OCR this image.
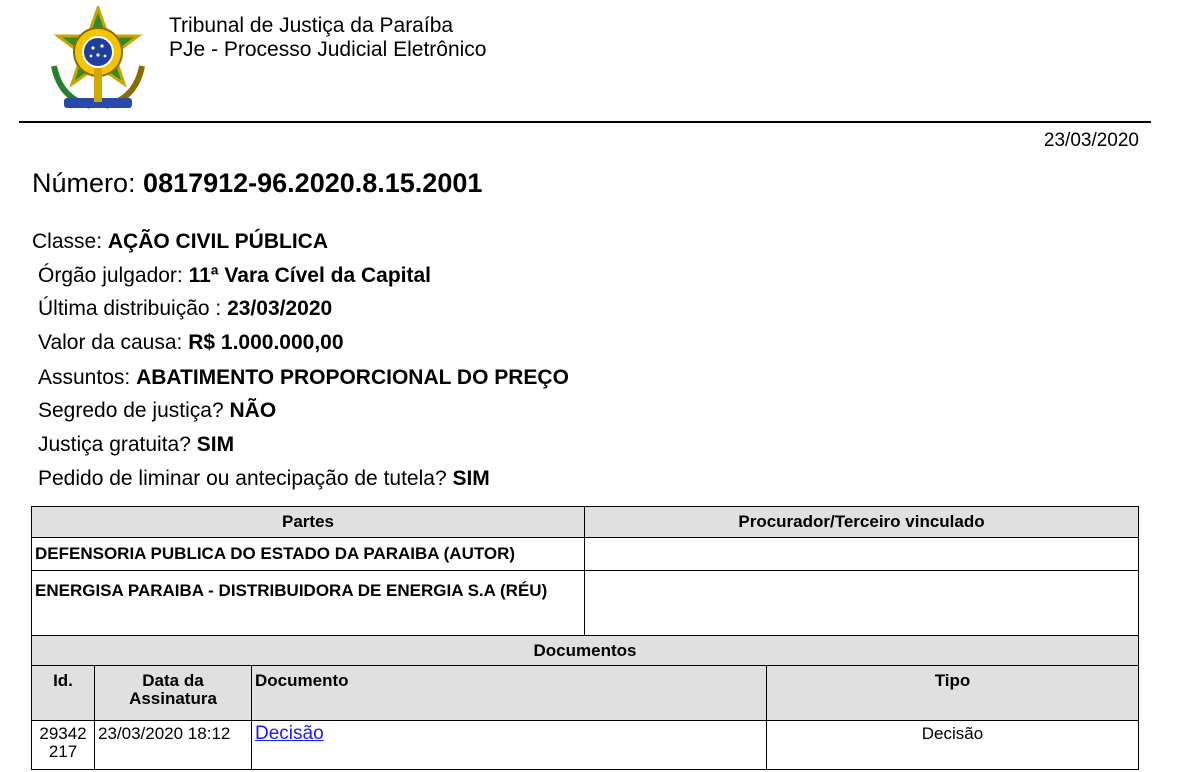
Tribunal de Justiça da Paraíba
PJe - Processo Judicial Eletrônico
23/03/2020
Número: 0817912-96.2020.8.15.2001
Classe: AÇÃO CIVIL PÚBLICA
Órgão julgador: 11ª Vara Cível da Capital
Última distribuição : 23/03/2020
Valor da causa: R$ 1.000.000,00
Assuntos: ABATIMENTO PROPORCIONAL DO PREÇO
Segredo de justiça? NÃO
Justiça gratuita? SIM
Pedido de liminar ou antecipação de tutela? SIM
Partes	Procurador/Terceiro vinculado
DEFENSORIA PUBLICA DO ESTADO DA PARAIBA (AUTOR)	
ENERGISA PARAIBA - DISTRIBUIDORA DE ENERGIA S.A (RÉU)	
Documentos			
Id.	Data da Assinatura	Documento	Tipo
29342217	23/03/2020 18:12	Decisão	Decisão
